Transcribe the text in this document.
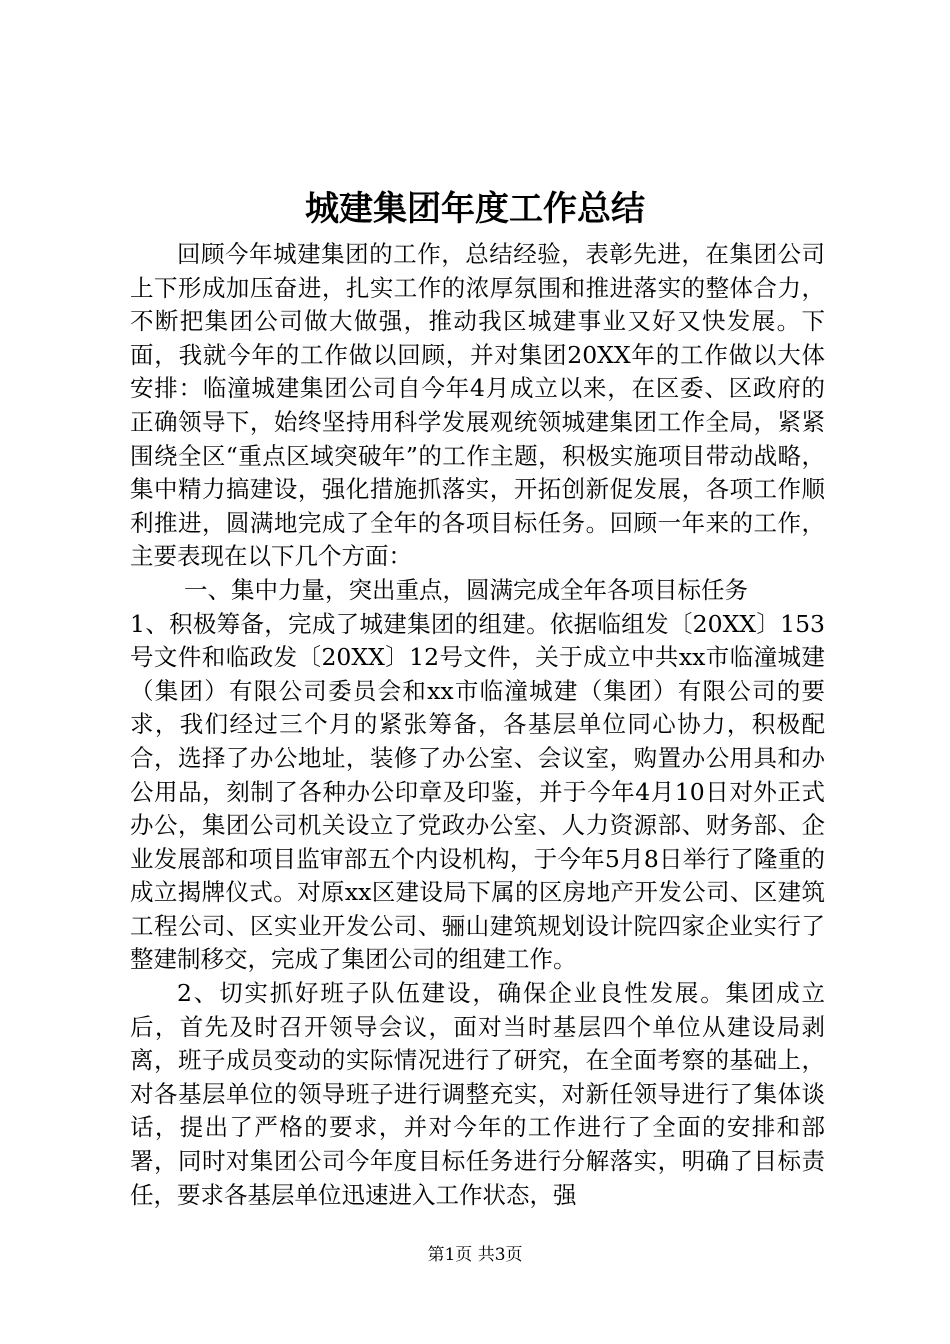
城建集团年度工作总结

回顾今年城建集团的工作，总结经验，表彰先进，在集团公司上下形成加压奋进，扎实工作的浓厚氛围和推进落实的整体合力，不断把集团公司做大做强，推动我区城建事业又好又快发展。下面，我就今年的工作做以回顾，并对集团20XX年的工作做以大体安排：临潼城建集团公司自今年4月成立以来，在区委、区政府的正确领导下，始终坚持用科学发展观统领城建集团工作全局，紧紧围绕全区“重点区域突破年”的工作主题，积极实施项目带动战略，集中精力搞建设，强化措施抓落实，开拓创新促发展，各项工作顺利推进，圆满地完成了全年的各项目标任务。回顾一年来的工作，主要表现在以下几个方面：

一、集中力量，突出重点，圆满完成全年各项目标任务

1、积极筹备，完成了城建集团的组建。依据临组发〔20XX〕153号文件和临政发〔20XX〕12号文件，关于成立中共xx市临潼城建（集团）有限公司委员会和xx市临潼城建（集团）有限公司的要求，我们经过三个月的紧张筹备，各基层单位同心协力，积极配合，选择了办公地址，装修了办公室、会议室，购置办公用具和办公用品，刻制了各种办公印章及印鉴，并于今年4月10日对外正式办公，集团公司机关设立了党政办公室、人力资源部、财务部、企业发展部和项目监审部五个内设机构，于今年5月8日举行了隆重的成立揭牌仪式。对原xx区建设局下属的区房地产开发公司、区建筑工程公司、区实业开发公司、骊山建筑规划设计院四家企业实行了整建制移交，完成了集团公司的组建工作。

2、切实抓好班子队伍建设，确保企业良性发展。集团成立后，首先及时召开领导会议，面对当时基层四个单位从建设局剥离，班子成员变动的实际情况进行了研究，在全面考察的基础上，对各基层单位的领导班子进行调整充实，对新任领导进行了集体谈话，提出了严格的要求，并对今年的工作进行了全面的安排和部署，同时对集团公司今年度目标任务进行分解落实，明确了目标责任，要求各基层单位迅速进入工作状态，强

第1页 共3页
